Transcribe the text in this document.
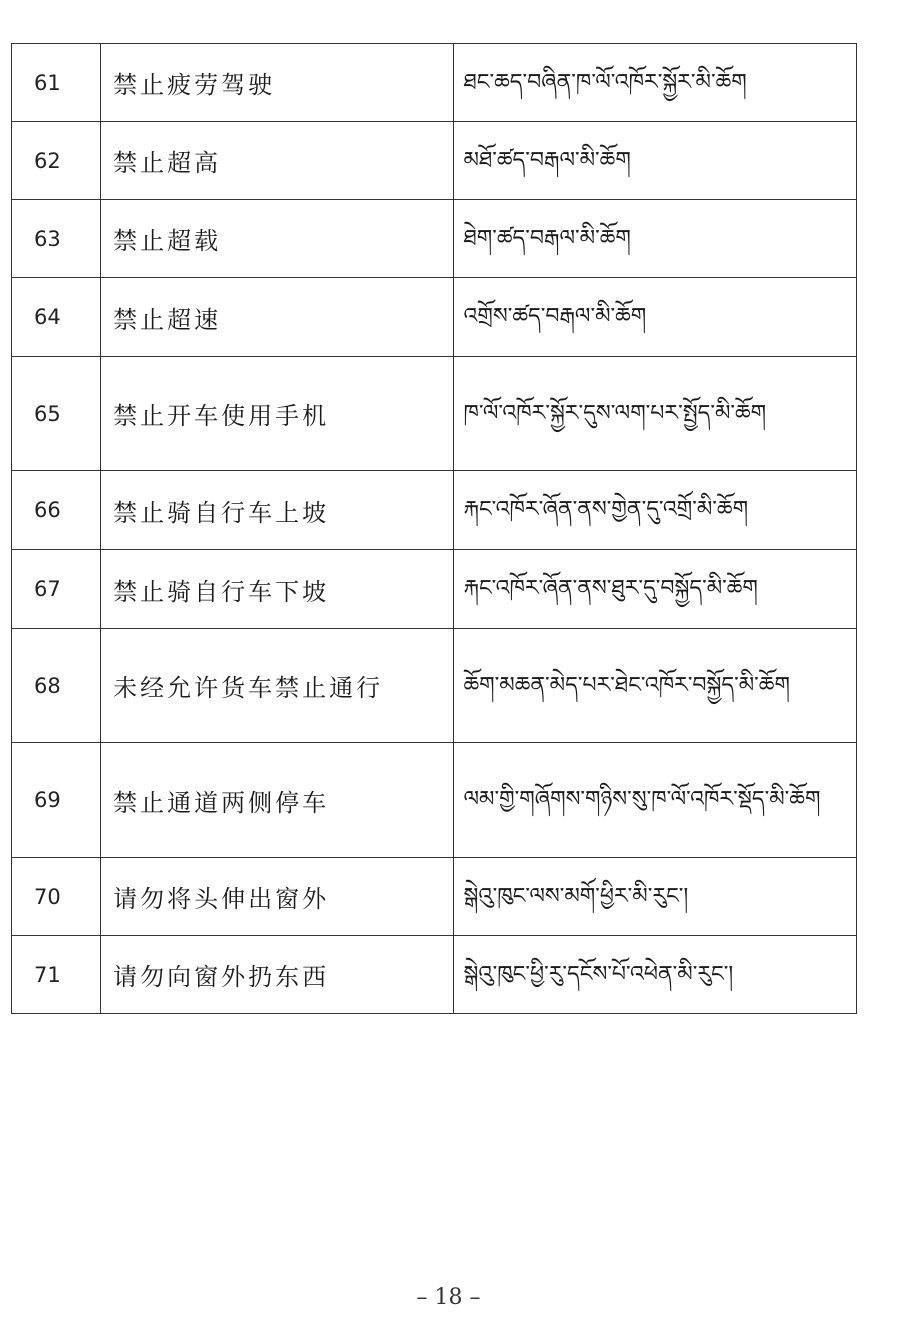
61	禁止疲劳驾驶	ཐང་ཆད་བཞིན་ཁ་ལོ་འཁོར་སྐྱོར་མི་ཆོག
62	禁止超高	མཐོ་ཚད་བརྒལ་མི་ཆོག
63	禁止超载	ཐེག་ཚད་བརྒལ་མི་ཆོག
64	禁止超速	འགྲོས་ཚད་བརྒལ་མི་ཆོག
65	禁止开车使用手机	ཁ་ལོ་འཁོར་སྐྱོར་དུས་ལག་པར་སྤྱོད་མི་ཆོག
66	禁止骑自行车上坡	རྐང་འཁོར་ཞོན་ནས་གྱེན་དུ་འགྲོ་མི་ཆོག
67	禁止骑自行车下坡	རྐང་འཁོར་ཞོན་ནས་ཐུར་དུ་བསྐྱོད་མི་ཆོག
68	未经允许货车禁止通行	ཆོག་མཆན་མེད་པར་ཐེང་འཁོར་བསྐྱོད་མི་ཆོག
69	禁止通道两侧停车	ལམ་གྱི་གཞོགས་གཉིས་སུ་ཁ་ལོ་འཁོར་སྡོད་མི་ཆོག
70	请勿将头伸出窗外	སྒེའུ་ཁུང་ལས་མགོ་ཕྱིར་མི་རུང་།
71	请勿向窗外扔东西	སྒེའུ་ཁུང་ཕྱི་རུ་དངོས་པོ་འཕེན་མི་རུང་།
– 18 –
